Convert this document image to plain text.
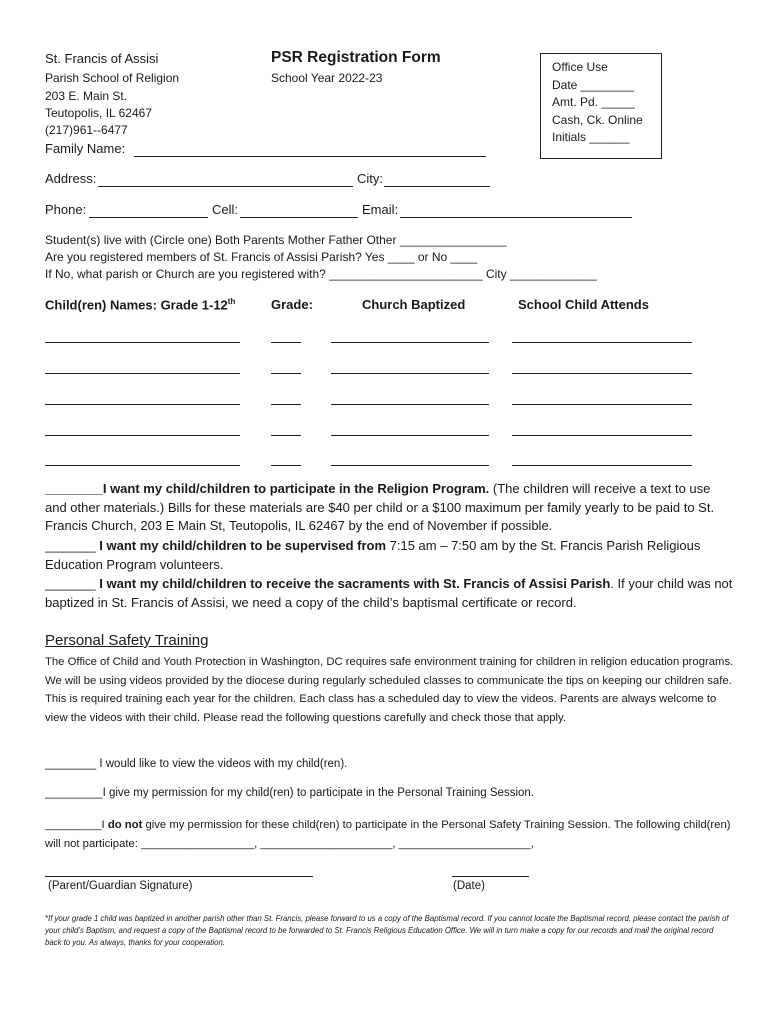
St. Francis of Assisi
Parish School of Religion
203 E. Main St.
Teutopolis, IL 62467
(217)961--6477
PSR Registration Form
School Year 2022-23
Office Use
Date ________
Amt. Pd. _____
Cash, Ck. Online
Initials ______
Family Name:
Address:	City:
Phone:	Cell:	Email:
Student(s) live with (Circle one) Both Parents Mother Father Other ________________
Are you registered members of St. Francis of Assisi Parish? Yes ____ or No ____
If No, what parish or Church are you registered with? _______________________ City _____________
Child(ren) Names: Grade 1-12th	Grade:	Church Baptized	School Child Attends
________I want my child/children to participate in the Religion Program. (The children will receive a text to use and other materials.) Bills for these materials are $40 per child or a $100 maximum per family yearly to be paid to St. Francis Church, 203 E Main St, Teutopolis, IL 62467 by the end of November if possible.
_______ I want my child/children to be supervised from 7:15 am – 7:50 am by the St. Francis Parish Religious Education Program volunteers.
_______ I want my child/children to receive the sacraments with St. Francis of Assisi Parish. If your child was not baptized in St. Francis of Assisi, we need a copy of the child’s baptismal certificate or record.
Personal Safety Training
The Office of Child and Youth Protection in Washington, DC requires safe environment training for children in religion education programs. We will be using videos provided by the diocese during regularly scheduled classes to communicate the tips on keeping our children safe. This is required training each year for the children. Each class has a scheduled day to view the videos. Parents are always welcome to view the videos with their child. Please read the following questions carefully and check those that apply.
________ I would like to view the videos with my child(ren).
_________I give my permission for my child(ren) to participate in the Personal Training Session.
_________I do not give my permission for these child(ren) to participate in the Personal Safety Training Session. The following child(ren) will not participate: __________________, _____________________, _____________________,
(Parent/Guardian Signature)	(Date)
*If your grade 1 child was baptized in another parish other than St. Francis, please forward to us a copy of the Baptismal record. If you cannot locate the Baptismal record, please contact the parish of your child’s Baptism, and request a copy of the Baptismal record to be forwarded to St. Francis Religious Education Office. We will in turn make a copy for our records and mail the original record back to you. As always, thanks for your cooperation.
